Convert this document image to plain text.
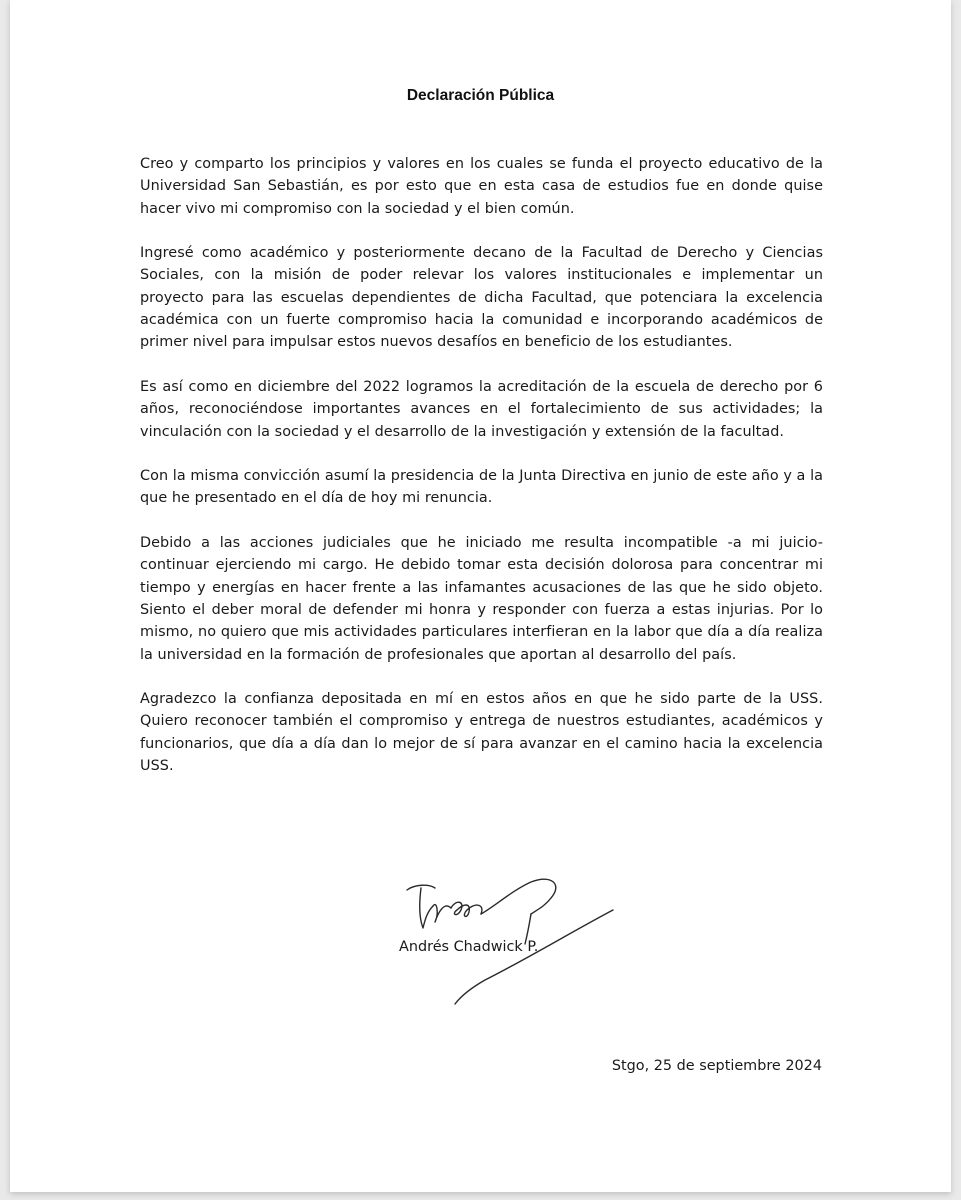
Declaración Pública

Creo y comparto los principios y valores en los cuales se funda el proyecto educativo de la Universidad San Sebastián, es por esto que en esta casa de estudios fue en donde quise hacer vivo mi compromiso con la sociedad y el bien común.

Ingresé como académico y posteriormente decano de la Facultad de Derecho y Ciencias Sociales, con la misión de poder relevar los valores institucionales e implementar un proyecto para las escuelas dependientes de dicha Facultad, que potenciara la excelencia académica con un fuerte compromiso hacia la comunidad e incorporando académicos de primer nivel para impulsar estos nuevos desafíos en beneficio de los estudiantes.

Es así como en diciembre del 2022 logramos la acreditación de la escuela de derecho por 6 años, reconociéndose importantes avances en el fortalecimiento de sus actividades; la vinculación con la sociedad y el desarrollo de la investigación y extensión de la facultad.

Con la misma convicción asumí la presidencia de la Junta Directiva en junio de este año y a la que he presentado en el día de hoy mi renuncia.

Debido a las acciones judiciales que he iniciado me resulta incompatible -a mi juicio- continuar ejerciendo mi cargo. He debido tomar esta decisión dolorosa para concentrar mi tiempo y energías en hacer frente a las infamantes acusaciones de las que he sido objeto. Siento el deber moral de defender mi honra y responder con fuerza a estas injurias. Por lo mismo, no quiero que mis actividades particulares interfieran en la labor que día a día realiza la universidad en la formación de profesionales que aportan al desarrollo del país.

Agradezco la confianza depositada en mí en estos años en que he sido parte de la USS. Quiero reconocer también el compromiso y entrega de nuestros estudiantes, académicos y funcionarios, que día a día dan lo mejor de sí para avanzar en el camino hacia la excelencia USS.

Andrés Chadwick P.

Stgo, 25 de septiembre 2024
